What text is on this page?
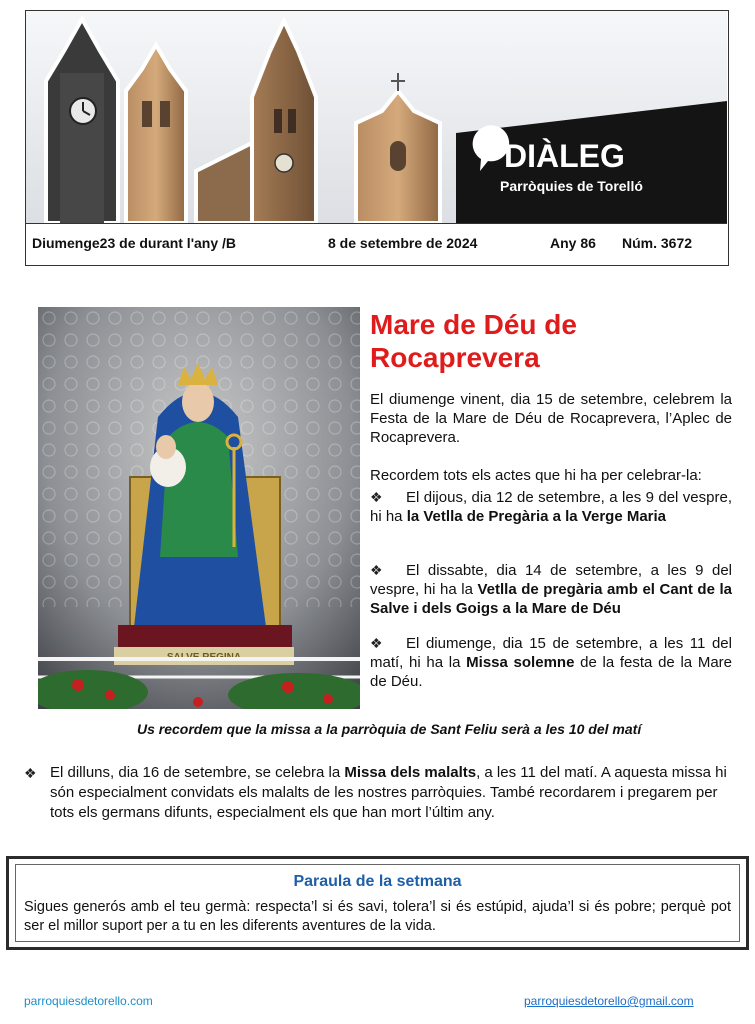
DIÀLEG
Parròquies de Torelló
Diumenge23 de durant l'any /B	8 de setembre de 2024	Any 86 Núm. 3672
Mare de Déu de
Rocaprevera

El diumenge vinent, dia 15 de setembre, celebrem la Festa de la Mare de Déu de Rocaprevera, l’Aplec de Rocaprevera.

Recordem tots els actes que hi ha per celebrar-la:

❖ El dijous, dia 12 de setembre, a les 9 del vespre, hi ha la Vetlla de Pregària a la Verge Maria

❖ El dissabte, dia 14 de setembre, a les 9 del vespre, hi ha la Vetlla de pregària amb el Cant de la Salve i dels Goigs a la Mare de Déu

❖ El diumenge, dia 15 de setembre, a les 11 del matí, hi ha la Missa solemne de la festa de la Mare de Déu.

Us recordem que la missa a la parròquia de Sant Feliu serà a les 10 del matí

❖ El dilluns, dia 16 de setembre, se celebra la Missa dels malalts, a les 11 del matí. A aquesta missa hi són especialment convidats els malalts de les nostres parròquies. També recordarem i pregarem per tots els germans difunts, especialment els que han mort l’últim any.

Paraula de la setmana
Sigues generós amb el teu germà: respecta’l si és savi, tolera’l si és estúpid, ajuda’l si és pobre; perquè pot ser el millor suport per a tu en les diferents aventures de la vida.
parroquiesdetorello.com	parroquiesdetorello@gmail.com
